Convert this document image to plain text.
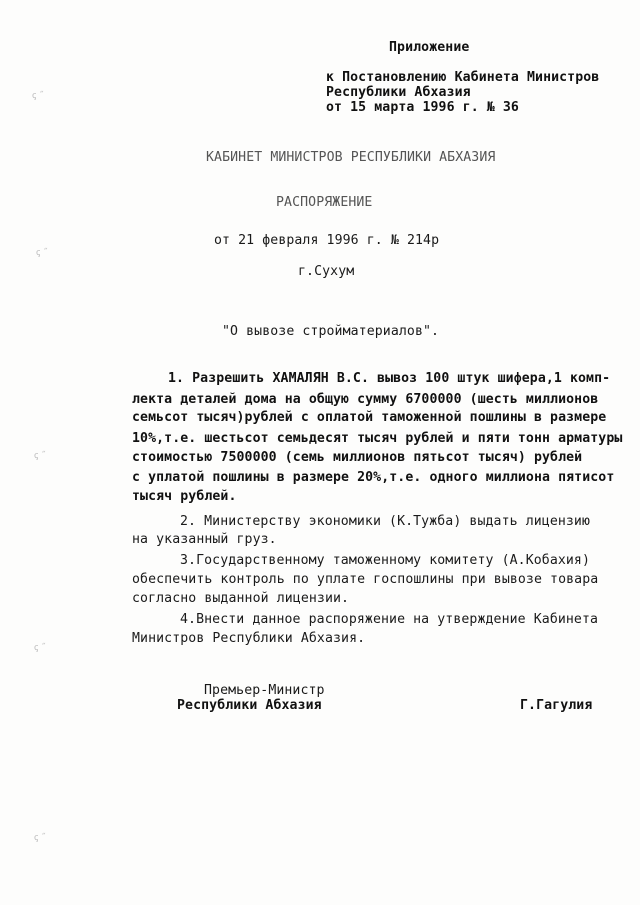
ꞔ ˝
ꞔ ˝
ꞔ ˝
ꞔ ˝
ꞔ ˝
Приложение
к Постановлению Кабинета Министров
Республики Абхазия
от 15 марта 1996 г. № 36
КАБИНЕТ МИНИСТРОВ РЕСПУБЛИКИ АБХАЗИЯ
РАСПОРЯЖЕНИЕ
от 21 февраля 1996 г. № 214р
г.Сухум
"О вывозе стройматериалов".
1. Разрешить ХАМАЛЯН В.С. вывоз 100 штук шифера,1 комп-
лекта деталей дома на общую сумму 6700000 (шесть миллионов
семьсот тысяч)рублей с оплатой таможенной пошлины в размере
10%,т.е. шестьсот семьдесят тысяч рублей и пяти тонн арматуры
стоимостью 7500000 (семь миллионов пятьсот тысяч) рублей
с уплатой пошлины в размере 20%,т.е. одного миллиона пятисот
тысяч рублей.
2. Министерству экономики (К.Тужба) выдать лицензию
на указанный груз.
3.Государственному таможенному комитету (А.Кобахия)
обеспечить контроль по уплате госпошлины при вывозе товара
согласно выданной лицензии.
4.Внести данное распоряжение на утверждение Кабинета
Министров Республики Абхазия.
Премьер-Министр
Республики Абхазия	Г.Гагулия
